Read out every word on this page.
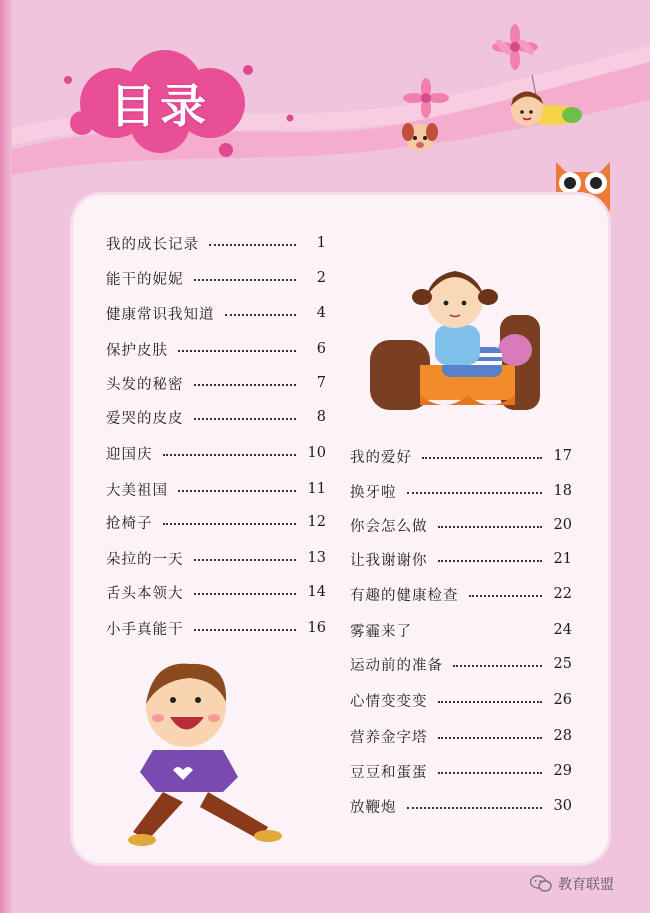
目录
我的成长记录	1
能干的妮妮	2
健康常识我知道	4
保护皮肤	6
头发的秘密	7
爱哭的皮皮	8
迎国庆	10
大美祖国	11
抢椅子	12
朵拉的一天	13
舌头本领大	14
小手真能干	16
我的爱好	17
换牙啦	18
你会怎么做	20
让我谢谢你	21
有趣的健康检查	22
雾霾来了	24
运动前的准备	25
心情变变变	26
营养金字塔	28
豆豆和蛋蛋	29
放鞭炮	30
教育联盟
